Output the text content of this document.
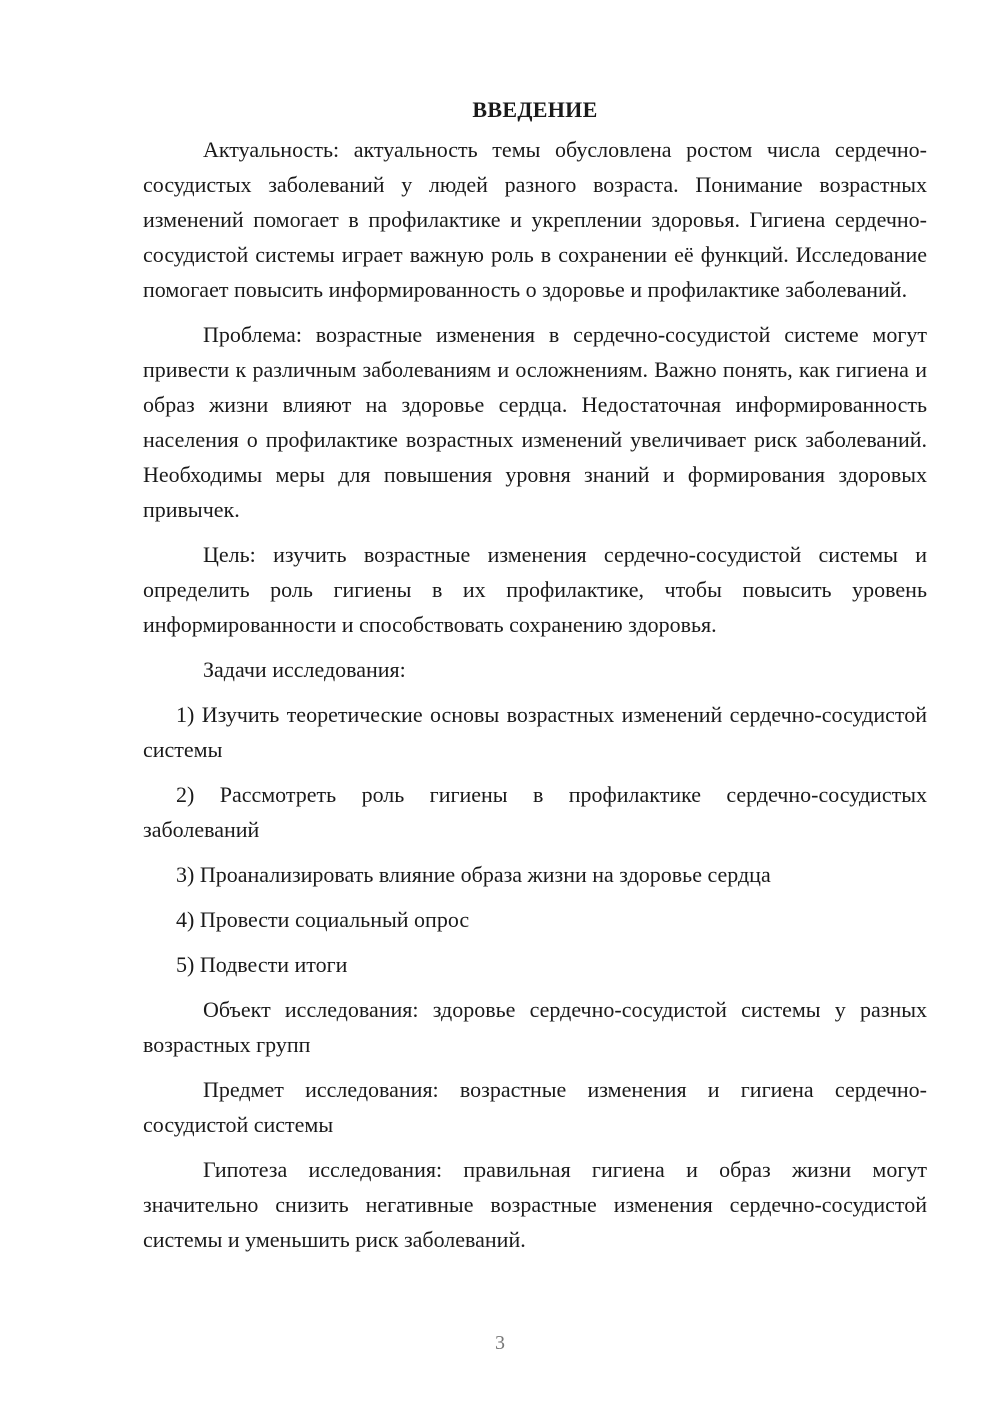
ВВЕДЕНИЕ

Актуальность: актуальность темы обусловлена ростом числа сердечно-сосудистых заболеваний у людей разного возраста. Понимание возрастных изменений помогает в профилактике и укреплении здоровья. Гигиена сердечно-сосудистой системы играет важную роль в сохранении её функций. Исследование помогает повысить информированность о здоровье и профилактике заболеваний.

Проблема: возрастные изменения в сердечно-сосудистой системе могут привести к различным заболеваниям и осложнениям. Важно понять, как гигиена и образ жизни влияют на здоровье сердца. Недостаточная информированность населения о профилактике возрастных изменений увеличивает риск заболеваний. Необходимы меры для повышения уровня знаний и формирования здоровых привычек.

Цель: изучить возрастные изменения сердечно-сосудистой системы и определить роль гигиены в их профилактике, чтобы повысить уровень информированности и способствовать сохранению здоровья.

Задачи исследования:

1) Изучить теоретические основы возрастных изменений сердечно-сосудистой системы

2) Рассмотреть роль гигиены в профилактике сердечно-сосудистых заболеваний

3) Проанализировать влияние образа жизни на здоровье сердца

4) Провести социальный опрос

5) Подвести итоги

Объект исследования: здоровье сердечно-сосудистой системы у разных возрастных групп

Предмет исследования: возрастные изменения и гигиена сердечно-сосудистой системы

Гипотеза исследования: правильная гигиена и образ жизни могут значительно снизить негативные возрастные изменения сердечно-сосудистой системы и уменьшить риск заболеваний.

3
